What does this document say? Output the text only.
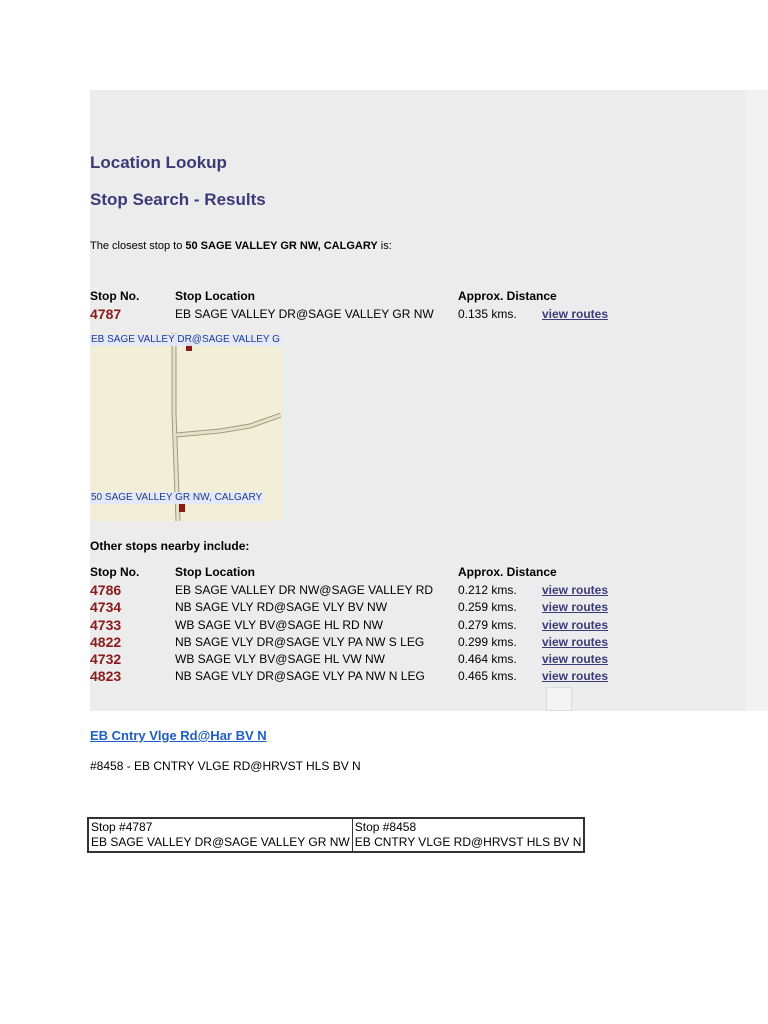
Location Lookup
Stop Search - Results
The closest stop to 50 SAGE VALLEY GR NW, CALGARY is:
Stop No.	Stop Location	Approx. Distance
4787	EB SAGE VALLEY DR@SAGE VALLEY GR NW 0.135 kms. view routes
EB SAGE VALLEY DR@SAGE VALLEY G
50 SAGE VALLEY GR NW, CALGARY
Other stops nearby include:
Stop No.	Stop Location	Approx. Distance
4786	EB SAGE VALLEY DR NW@SAGE VALLEY RD 0.212 kms. view routes
4734	NB SAGE VLY RD@SAGE VLY BV NW	0.259 kms. view routes
4733	WB SAGE VLY BV@SAGE HL RD NW	0.279 kms. view routes
4822	NB SAGE VLY DR@SAGE VLY PA NW S LEG	0.299 kms. view routes
4732	WB SAGE VLY BV@SAGE HL VW NW	0.464 kms. view routes
4823	NB SAGE VLY DR@SAGE VLY PA NW N LEG	0.465 kms. view routes
EB Cntry Vlge Rd@Har BV N
#8458 - EB CNTRY VLGE RD@HRVST HLS BV N
Stop #4787
EB SAGE VALLEY DR@SAGE VALLEY GR NW

Stop #8458
EB CNTRY VLGE RD@HRVST HLS BV N
